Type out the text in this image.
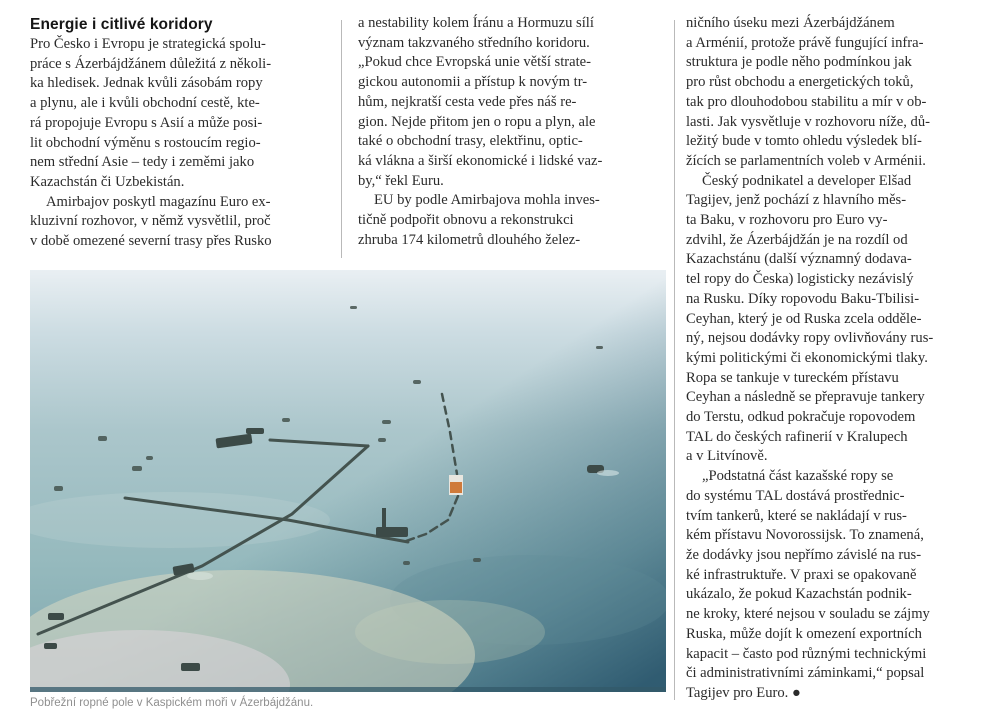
Energie i citlivé koridory
Pro Česko i Evropu je strategická spolu-
práce s Ázerbájdžánem důležitá z několi-
ka hledisek. Jednak kvůli zásobám ropy
a plynu, ale i kvůli obchodní cestě, kte-
rá propojuje Evropu s Asií a může posi-
lit obchodní výměnu s rostoucím regio-
nem střední Asie – tedy i zeměmi jako
Kazachstán či Uzbekistán.
Amirbajov poskytl magazínu Euro ex-
kluzivní rozhovor, v němž vysvětlil, proč
v době omezené severní trasy přes Rusko
a nestability kolem Íránu a Hormuzu sílí
význam takzvaného středního koridoru.
„Pokud chce Evropská unie větší strate-
gickou autonomii a přístup k novým tr-
hům, nejkratší cesta vede přes náš re-
gion. Nejde přitom jen o ropu a plyn, ale
také o obchodní trasy, elektřinu, optic-
ká vlákna a širší ekonomické i lidské vaz-
by,“ řekl Euru.
EU by podle Amirbajova mohla inves-
tičně podpořit obnovu a rekonstrukci
zhruba 174 kilometrů dlouhého želez-
ničního úseku mezi Ázerbájdžánem
a Arménií, protože právě fungující infra-
struktura je podle něho podmínkou jak
pro růst obchodu a energetických toků,
tak pro dlouhodobou stabilitu a mír v ob-
lasti. Jak vysvětluje v rozhovoru níže, dů-
ležitý bude v tomto ohledu výsledek blí-
žících se parlamentních voleb v Arménii.
Český podnikatel a developer Elšad
Tagijev, jenž pochází z hlavního měs-
ta Baku, v rozhovoru pro Euro vy-
zdvihl, že Ázerbájdžán je na rozdíl od
Kazachstánu (další významný dodava-
tel ropy do Česka) logisticky nezávislý
na Rusku. Díky ropovodu Baku-Tbilisi-
Ceyhan, který je od Ruska zcela odděle-
ný, nejsou dodávky ropy ovlivňovány rus-
kými politickými či ekonomickými tlaky.
Ropa se tankuje v tureckém přístavu
Ceyhan a následně se přepravuje tankery
do Terstu, odkud pokračuje ropovodem
TAL do českých rafinerií v Kralupech
a v Litvínově.
„Podstatná část kazašské ropy se
do systému TAL dostává prostřednic-
tvím tankerů, které se nakládají v rus-
kém přístavu Novorossijsk. To znamená,
že dodávky jsou nepřímo závislé na rus-
ké infrastruktuře. V praxi se opakovaně
ukázalo, že pokud Kazachstán podnik-
ne kroky, které nejsou v souladu se zájmy
Ruska, může dojít k omezení exportních
kapacit – často pod různými technickými
či administrativními záminkami,“ popsal
Tagijev pro Euro. ●
Pobřežní ropné pole v Kaspickém moři v Ázerbájdžánu.
